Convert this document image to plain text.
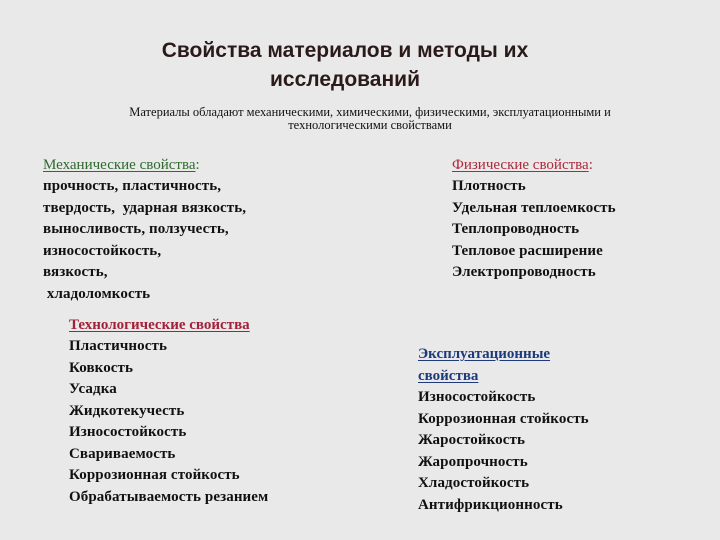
Свойства материалов и методы их
исследований
Материалы обладают механическими, химическими, физическими, эксплуатационными и
технологическими свойствами
Механические свойства:
прочность, пластичность,
твердость,  ударная вязкость,
выносливость, ползучесть,
износостойкость,
вязкость,
хладоломкость
Физические свойства:
Плотность
Удельная теплоемкость
Теплопроводность
Тепловое расширение
Электропроводность
Технологические свойства
Пластичность
Ковкость
Усадка
Жидкотекучесть
Износостойкость
Свариваемость
Коррозионная стойкость
Обрабатываемость резанием
Эксплуатационные
свойства
Износостойкость
Коррозионная стойкость
Жаростойкость
Жаропрочность
Хладостойкость
Антифрикционность
